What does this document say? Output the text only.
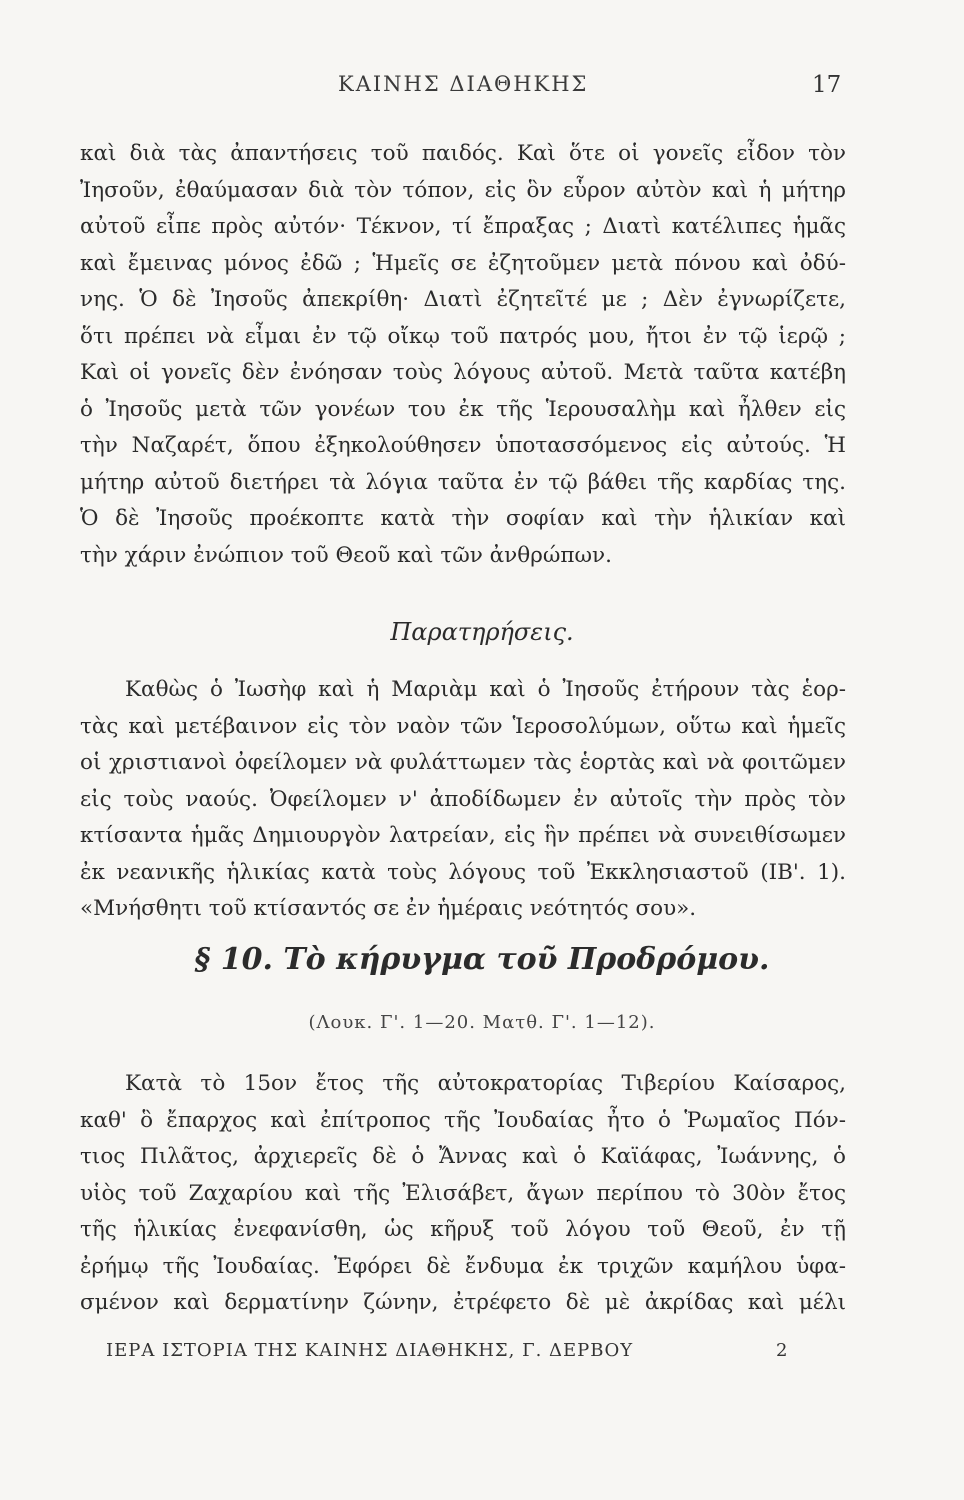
ΚΑΙΝΗΣ ΔΙΑΘΗΚΗΣ	17
καὶ διὰ τὰς ἀπαντήσεις τοῦ παιδός. Καὶ ὅτε οἱ γονεῖς εἶδον τὸν
Ἰησοῦν, ἐθαύμασαν διὰ τὸν τόπον, εἰς ὃν εὗρον αὐτὸν καὶ ἡ μήτηρ
αὐτοῦ εἶπε πρὸς αὐτόν· Τέκνον, τί ἔπραξας ; Διατὶ κατέλιπες ἡμᾶς
καὶ ἔμεινας μόνος ἐδῶ ; Ἡμεῖς σε ἐζητοῦμεν μετὰ πόνου καὶ ὀδύ-
νης. Ὁ δὲ Ἰησοῦς ἀπεκρίθη· Διατὶ ἐζητεῖτέ με ; Δὲν ἐγνωρίζετε,
ὅτι πρέπει νὰ εἶμαι ἐν τῷ οἴκῳ τοῦ πατρός μου, ἤτοι ἐν τῷ ἱερῷ ;
Καὶ οἱ γονεῖς δὲν ἐνόησαν τοὺς λόγους αὐτοῦ. Μετὰ ταῦτα κατέβη
ὁ Ἰησοῦς μετὰ τῶν γονέων του ἐκ τῆς Ἱερουσαλὴμ καὶ ἦλθεν εἰς
τὴν Ναζαρέτ, ὅπου ἐξηκολούθησεν ὑποτασσόμενος εἰς αὐτούς. Ἡ
μήτηρ αὐτοῦ διετήρει τὰ λόγια ταῦτα ἐν τῷ βάθει τῆς καρδίας της.
Ὁ δὲ Ἰησοῦς προέκοπτε κατὰ τὴν σοφίαν καὶ τὴν ἡλικίαν καὶ
τὴν χάριν ἐνώπιον τοῦ Θεοῦ καὶ τῶν ἀνθρώπων.
Παρατηρήσεις.
Καθὼς ὁ Ἰωσὴφ καὶ ἡ Μαριὰμ καὶ ὁ Ἰησοῦς ἐτήρουν τὰς ἑορ-
τὰς καὶ μετέβαινον εἰς τὸν ναὸν τῶν Ἱεροσολύμων, οὕτω καὶ ἡμεῖς
οἱ χριστιανοὶ ὀφείλομεν νὰ φυλάττωμεν τὰς ἑορτὰς καὶ νὰ φοιτῶμεν
εἰς τοὺς ναούς. Ὀφείλομεν ν' ἀποδίδωμεν ἐν αὐτοῖς τὴν πρὸς τὸν
κτίσαντα ἡμᾶς Δημιουργὸν λατρείαν, εἰς ἣν πρέπει νὰ συνειθίσωμεν
ἐκ νεανικῆς ἡλικίας κατὰ τοὺς λόγους τοῦ Ἐκκλησιαστοῦ (ΙΒ'. 1).
«Μνήσθητι τοῦ κτίσαντός σε ἐν ἡμέραις νεότητός σου».
§ 10. Τὸ κήρυγμα τοῦ Προδρόμου.
(Λουκ. Γ'. 1—20. Ματθ. Γ'. 1—12).
Κατὰ τὸ 15ον ἔτος τῆς αὐτοκρατορίας Τιβερίου Καίσαρος,
καθ' ὃ ἔπαρχος καὶ ἐπίτροπος τῆς Ἰουδαίας ἦτο ὁ Ῥωμαῖος Πόν-
τιος Πιλᾶτος, ἀρχιερεῖς δὲ ὁ Ἄννας καὶ ὁ Καϊάφας, Ἰωάννης, ὁ
υἱὸς τοῦ Ζαχαρίου καὶ τῆς Ἐλισάβετ, ἄγων περίπου τὸ 30ὸν ἔτος
τῆς ἡλικίας ἐνεφανίσθη, ὡς κῆρυξ τοῦ λόγου τοῦ Θεοῦ, ἐν τῇ
ἐρήμῳ τῆς Ἰουδαίας. Ἐφόρει δὲ ἔνδυμα ἐκ τριχῶν καμήλου ὑφα-
σμένον καὶ δερματίνην ζώνην, ἐτρέφετο δὲ μὲ ἀκρίδας καὶ μέλι
ΙΕΡΑ ΙΣΤΟΡΙΑ ΤΗΣ ΚΑΙΝΗΣ ΔΙΑΘΗΚΗΣ, Γ. ΔΕΡΒΟΥ	2
